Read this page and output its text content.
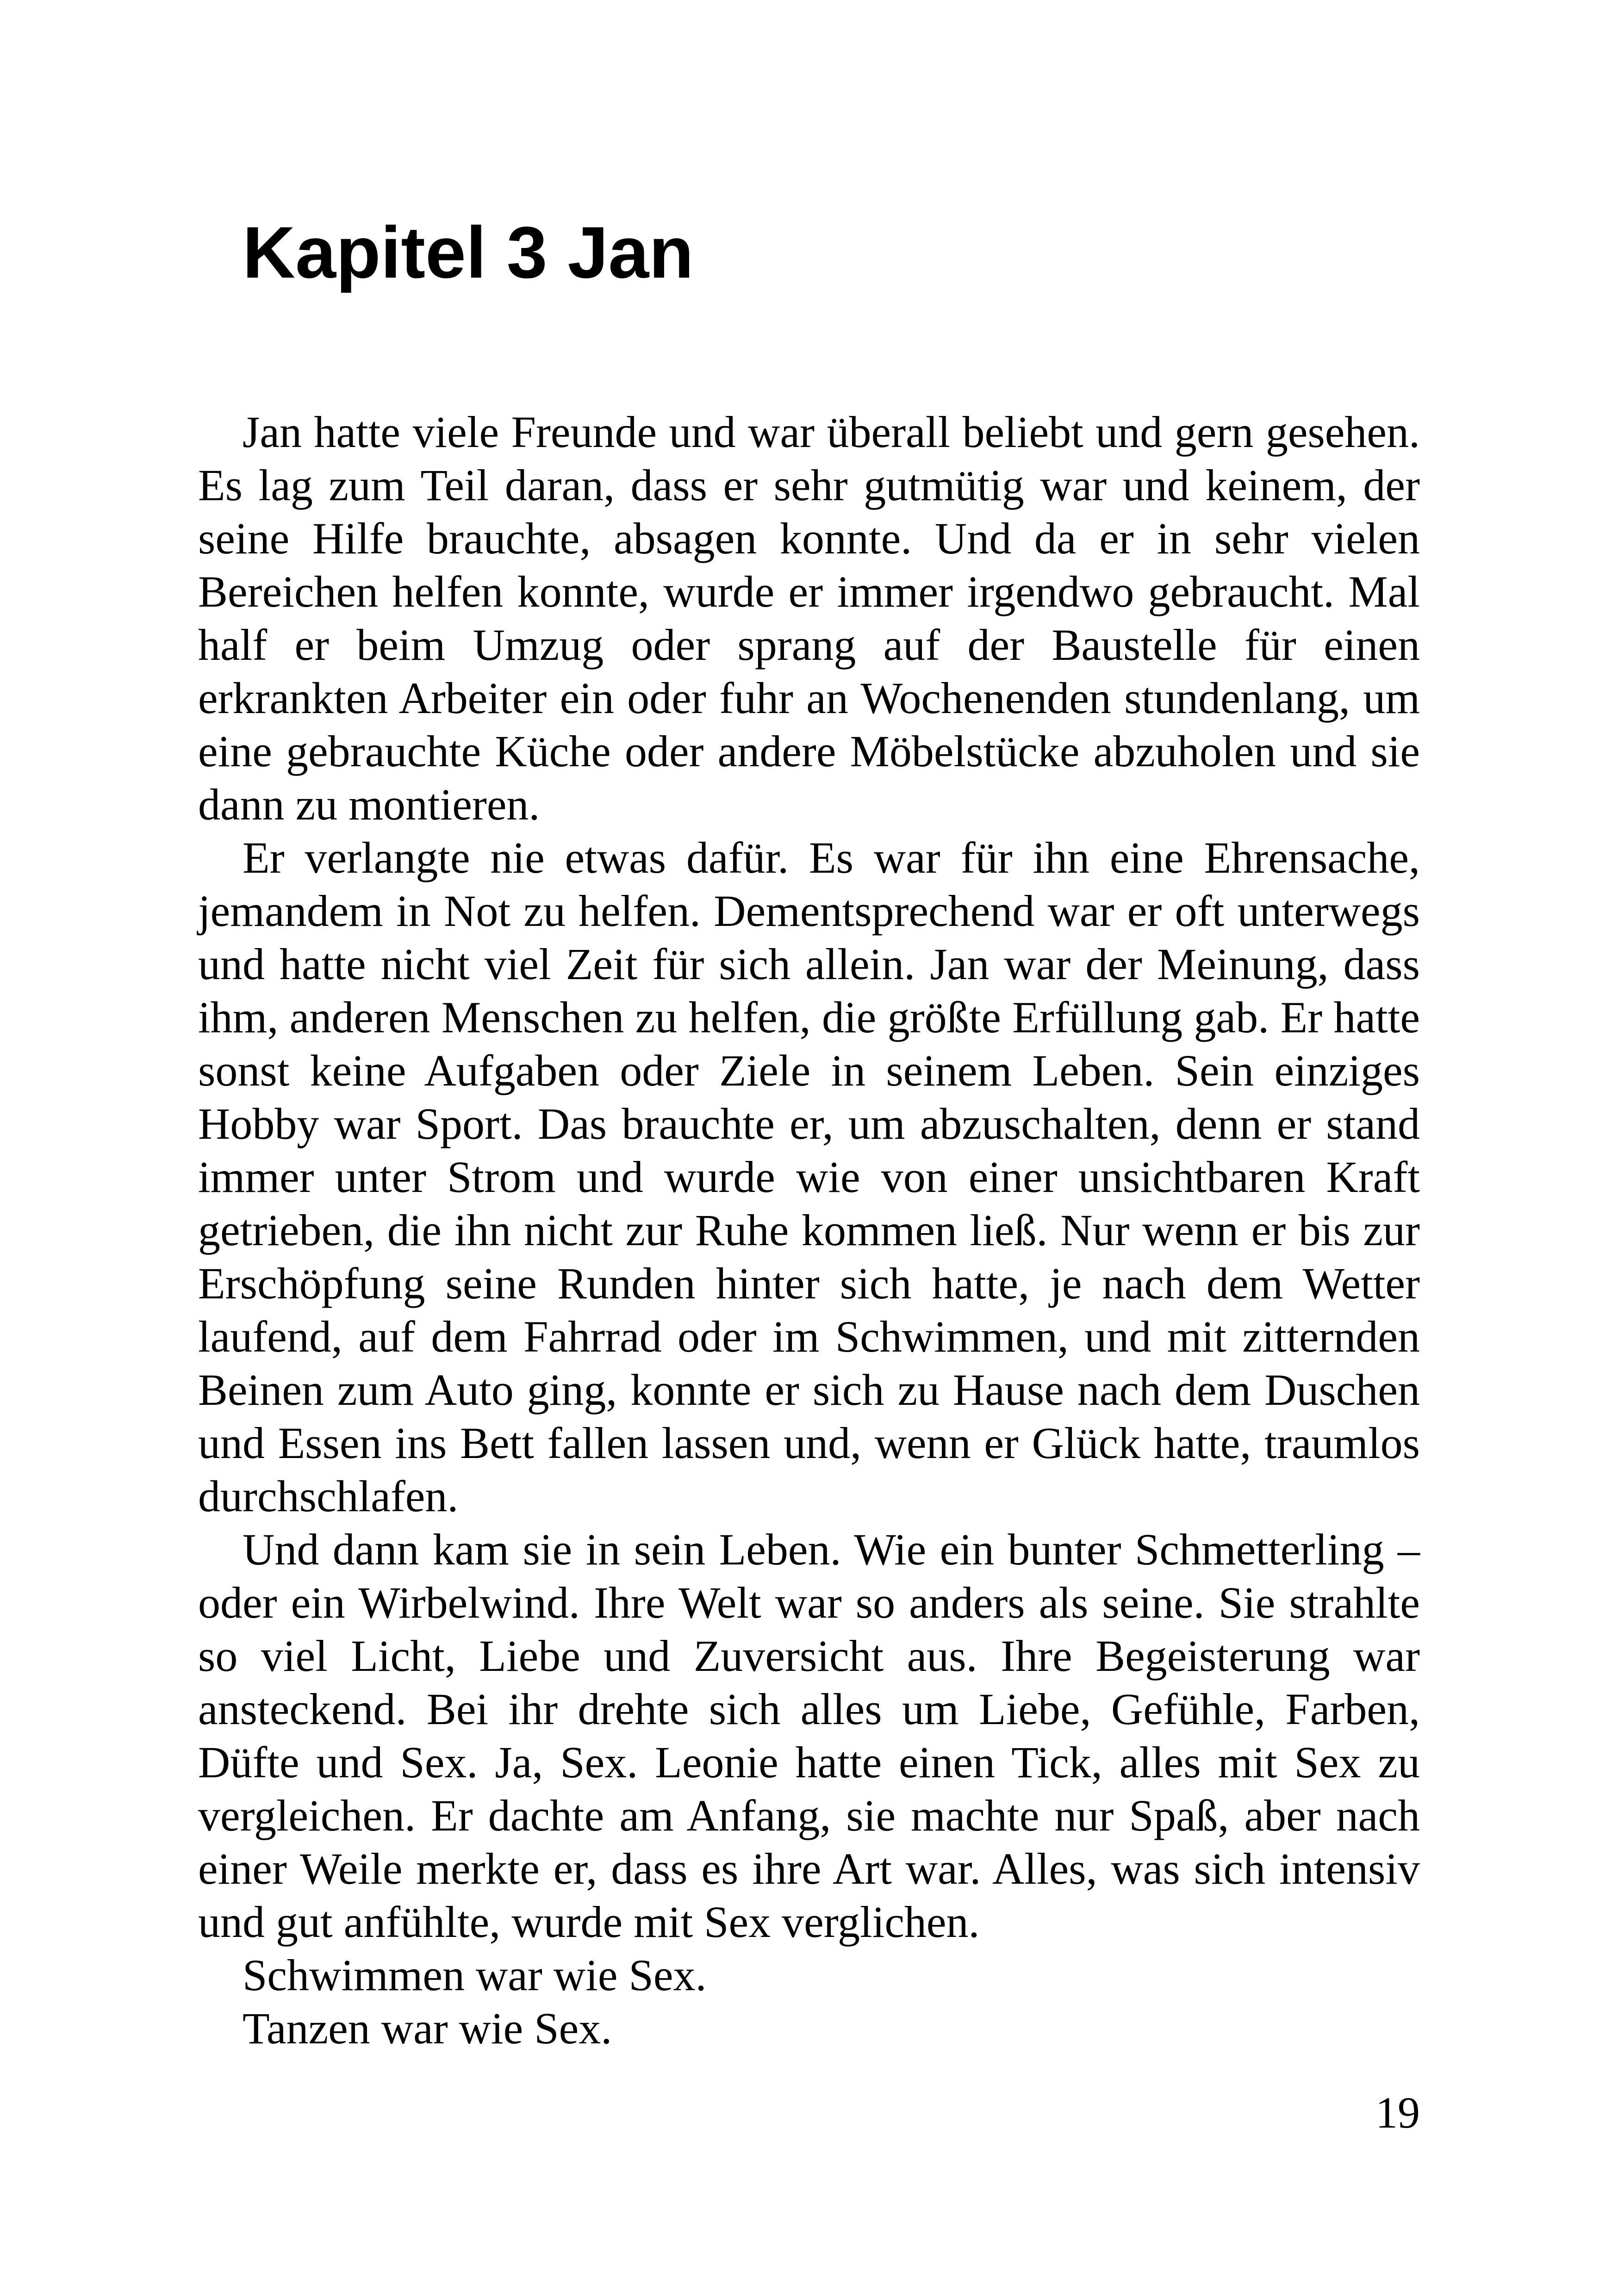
Kapitel 3 Jan

Jan hatte viele Freunde und war überall beliebt und gern gesehen. Es lag zum Teil daran, dass er sehr gutmütig war und keinem, der seine Hilfe brauchte, absagen konnte. Und da er in sehr vielen Bereichen helfen konnte, wurde er immer irgendwo gebraucht. Mal half er beim Umzug oder sprang auf der Baustelle für einen erkrankten Arbeiter ein oder fuhr an Wochenenden stundenlang, um eine gebrauchte Küche oder andere Möbelstücke abzuholen und sie dann zu montieren.

Er verlangte nie etwas dafür. Es war für ihn eine Ehrensache, jemandem in Not zu helfen. Dementsprechend war er oft unterwegs und hatte nicht viel Zeit für sich allein. Jan war der Meinung, dass ihm, anderen Menschen zu helfen, die größte Erfüllung gab. Er hatte sonst keine Aufgaben oder Ziele in seinem Leben. Sein einziges Hobby war Sport. Das brauchte er, um abzuschalten, denn er stand immer unter Strom und wurde wie von einer unsichtbaren Kraft getrieben, die ihn nicht zur Ruhe kommen ließ. Nur wenn er bis zur Erschöpfung seine Runden hinter sich hatte, je nach dem Wetter laufend, auf dem Fahrrad oder im Schwimmen, und mit zitternden Beinen zum Auto ging, konnte er sich zu Hause nach dem Duschen und Essen ins Bett fallen lassen und, wenn er Glück hatte, traumlos durchschlafen.

Und dann kam sie in sein Leben. Wie ein bunter Schmetterling – oder ein Wirbelwind. Ihre Welt war so anders als seine. Sie strahlte so viel Licht, Liebe und Zuversicht aus. Ihre Begeisterung war ansteckend. Bei ihr drehte sich alles um Liebe, Gefühle, Farben, Düfte und Sex. Ja, Sex. Leonie hatte einen Tick, alles mit Sex zu vergleichen. Er dachte am Anfang, sie machte nur Spaß, aber nach einer Weile merkte er, dass es ihre Art war. Alles, was sich intensiv und gut anfühlte, wurde mit Sex verglichen.

Schwimmen war wie Sex.

Tanzen war wie Sex.

19
